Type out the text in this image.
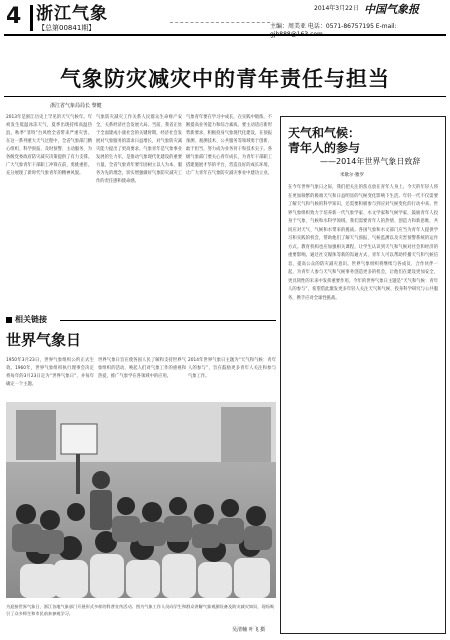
4 浙江气象
【总第00841期】
2014年3月22日 中国气象报
主编：周美亚 电话：0571-86757195 E-mail:
气象防灾减灾中的青年责任与担当
浙江省气象局局长 黎健
2013年是浙江历史上罕见的天气气候年。年初发生低温冰冻天气，夏季出现持续高温热浪，秋季“菲特”台风给全省带来严重灾害。在这一系列重大天气过程中，全省气象部门精心组织、科学预报、及时预警、主动服务，为各级党委政府防灾减灾决策提供了有力支撑。广大气象青年干部职工冲锋在前、勇挑重担，充分展现了新时代气象青年的精神风貌。
气象防灾减灾工作关系人民群众生命财产安全，关系经济社会发展大局。当前，我省正处于全面建成小康社会的关键时期，经济社会发展对气象服务的需求日益增长，对气象防灾减灾能力提出了更高要求。气象青年是气象事业发展的生力军，是推动气象现代化建设的重要力量。全省气象青年要牢固树立以人为本、服务为先的理念，切实增强做好气象防灾减灾工作的责任感和使命感。
气象青年要在学习中成长，在实践中锻炼，不断提高业务能力和综合素质。要主动适应新形势新要求，积极投身气象现代化建设，在预报预测、观测技术、公共服务等领域勇于创新、敢于担当，努力成为业务骨干和技术尖子。各级气象部门要关心青年成长，为青年干部职工搭建施展才华的平台，营造良好的成长环境，让广大青年在气象防灾减灾事业中建功立业。
天气和气候：
青年人的参与
——2014年世界气象日致辞
米歇尔·雅罗
在今年世界气象日之际，我们把关注的焦点放在青年人身上。今天的年轻人将在更加频繁的极端天气和日益明显的气候变化影响下生活。年轻一代不仅需要了解天气和气候的科学知识，还需要积极参与到应对气候变化的行动中来。世界气象组织致力于培养新一代气象学家、水文学家和气候学家，鼓励青年人投身于气象、气候和水科学领域。我们需要青年人的热情、创造力和新思维，共同应对天气、气候和水带来的挑战。各国气象和水文部门应当为青年人提供学习和实践的机会，帮助他们了解天气预报、气候监测以及灾害预警系统的运作方式。教育机构也应加强相关课程，让学生认识到天气和气候对社会和经济的重要影响。通过社交媒体等新的沟通方式，青年人可以帮助传播天气和气候信息，提高公众的防灾减灾意识。世界气象组织将继续与各成员、合作伙伴一起，为青年人参与天气和气候事务创造更多的机会，让他们在建设更加安全、更具韧性的未来中发挥重要作用。今年的世界气象日主题是“天气和气候：青年人的参与”，希望借此激发更多年轻人关注天气和气候，投身科学研究与公共服务，携手应对全球性挑战。
相关链接
世界气象日
1950年3月23日，世界气象组织公约正式生效。1960年，世界气象组织执行理事会决定将每年的3月23日定为“世界气象日”，并每年确定一个主题。
世界气象日旨在使各国人民了解和支持世界气象组织的活动，唤起人们对气象工作的重视和热爱，推广气象学在各领域中的应用。
2014年世界气象日主题为“天气和气候：青年人的参与”，旨在鼓励更多青年人关注和参与气象工作。
为迎接世界气象日，浙江各地气象部门开展形式多样的科普宣传活动。图为气象工作人员向学生和群众讲解气象观测设备及防灾减灾知识，现场吸引了众多师生和市民前来参观学习。
吴清楠 叶飞 摄
